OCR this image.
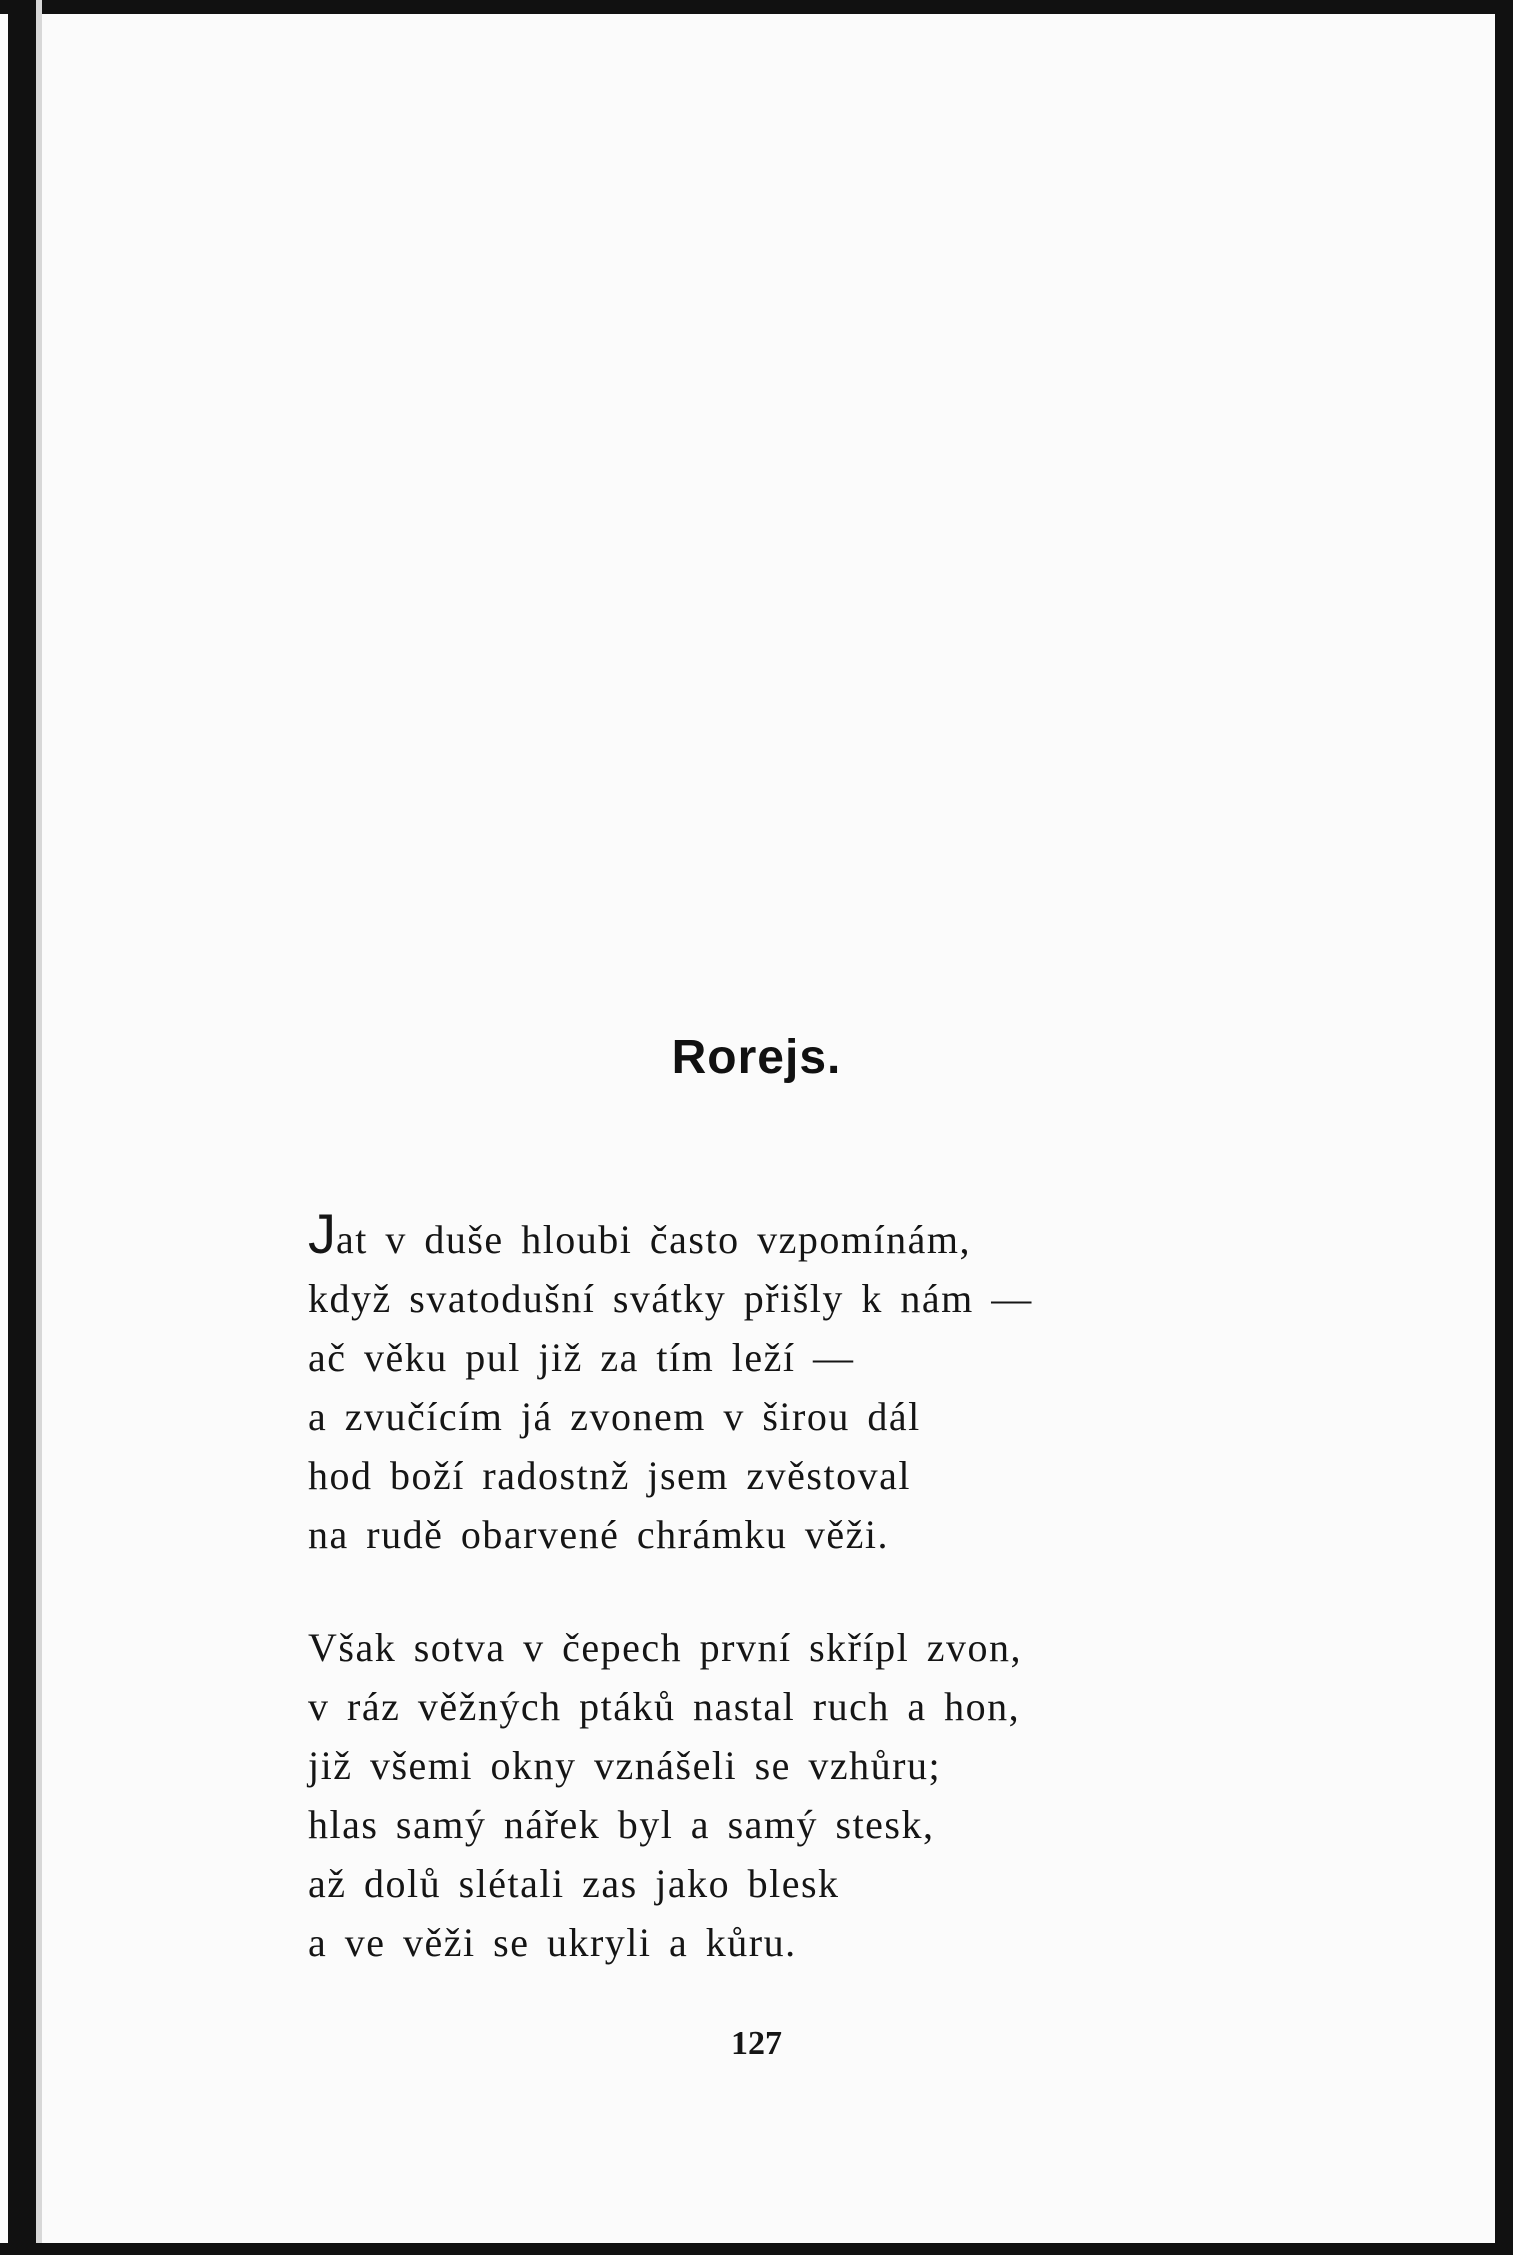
Rorejs.
Jat v duše hloubi často vzpomínám,
když svatodušní svátky přišly k nám —
ač věku pul již za tím leží —
a zvučícím já zvonem v širou dál
hod boží radostnž jsem zvěstoval
na rudě obarvené chrámku věži.
Však sotva v čepech první skřípl zvon,
v ráz věžných ptáků nastal ruch a hon,
již všemi okny vznášeli se vzhůru;
hlas samý nářek byl a samý stesk,
až dolů slétali zas jako blesk
a ve věži se ukryli a kůru.
127
